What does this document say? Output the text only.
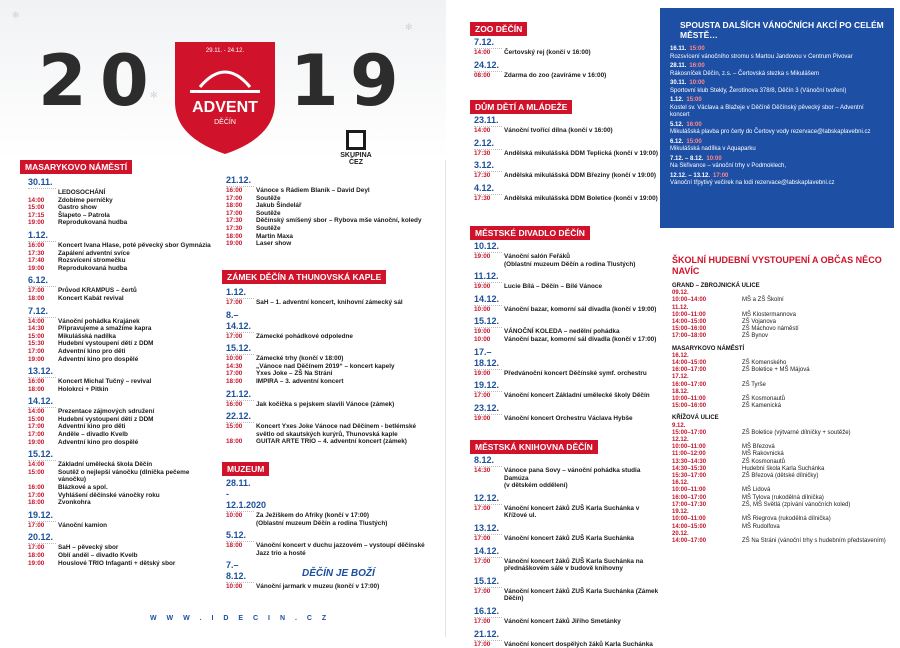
2 0 1 9
29.11. - 24.12.
ADVENT
DĚČÍN
SKUPINA ČEZ
✻
✻
✻
MASARYKOVO NÁMĚSTÍ
30.11.
LEDOSOCHÁNÍ
14:00	Zdobíme perníčky
15:00	Gastro show
17:15	Šlapeto – Patrola
19:00	Reprodukovaná hudba
1.12.
16:00	Koncert Ivana Hlase, poté pěvecký sbor Gymnázia
17:30	Zapálení adventní svíce
17:40	Rozsvícení stromečku
19:00	Reprodukovaná hudba
6.12.
17:00	Průvod KRAMPUS – čertů
18:00	Koncert Kabát revival
7.12.
14:00	Vánoční pohádka Krajánek
14:30	Připravujeme a smažíme kapra
15:00	Mikulášská nadílka
15:30	Hudební vystoupení dětí z DDM
17:00	Adventní kino pro děti
19:00	Adventní kino pro dospělé
13.12.
16:00	Koncert Michal Tučný – revival
18:00	Holokrci + Pitkin
14.12.
14:00	Prezentace zájmových sdružení
15:00	Hudební vystoupení dětí z DDM
17:00	Adventní kino pro děti
17:00	Anděle – divadlo Kvelb
19:00	Adventní kino pro dospělé
15.12.
14:00	Základní umělecká škola Děčín
15:00	Soutěž o nejlepší vánočku (dlnička pečeme vánočku)
16:00	Blázkové a spol.
17:00	Vyhlášení děčínské vánočky roku
18:00	Zvonkohra
19.12.
17:00	Vánoční kamion
20.12.
17:00	SaH – pěvecký sbor
18:00	Oblí anděl – divadlo Kvelb
19:00	Houslové TRIO Infaganti + dětský sbor
21.12.
16:00	Vánoce s Rádiem Blaník – David Deyl
17:00	Soutěže
18:00	Jakub Šindelář
17:00	Soutěže
17:30	Děčínský smíšený sbor – Rybova mše vánoční, koledy
17:30	Soutěže
18:00	Martin Maxa
19:00	Laser show
ZÁMEK DĚČÍN A THUNOVSKÁ KAPLE
1.12.
17:00	SaH – 1. adventní koncert, knihovní zámecký sál
8.–14.12.
17:00	Zámecké pohádkové odpoledne
15.12.
10:00	Zámecké trhy (končí v 18:00)
14:30	„Vánoce nad Děčínem 2019“ – koncert kapely
17:00	Yxes Joke – ZŠ Na Stráni
18:00	IMPIRA – 3. adventní koncert
21.12.
16:00	Jak kočička s pejskem slavili Vánoce (zámek)
22.12.
15:00	Koncert Yxes Joke Vánoce nad Děčínem - betlémské světlo od skautských kurýrů, Thunovská kaple
18:00	GUITAR ARTE TRIO – 4. adventní koncert (zámek)
MUZEUM
28.11. - 12.1.2020
10:00	Za Ježíškem do Afriky (končí v 17:00)
(Oblastní muzeum Děčín a rodina Tlustých)
5.12.
18:00	Vánoční koncert v duchu jazzovém – vystoupí děčínské Jazz trio a hosté
7.–8.12.
10:00	Vánoční jarmark v muzeu (končí v 17:00)
DĚČÍN JE BOŽÍ
W W W . I D E C I N . C Z
ZOO DĚČÍN
7.12.
14:00	Čertovský rej (končí v 16:00)
24.12.
08:00	Zdarma do zoo (zavíráme v 16:00)
DŮM DĚTÍ A MLÁDEŽE
23.11.
14:00	Vánoční tvořící dílna (končí v 16:00)
2.12.
17:30	Andělská mikulášská DDM Teplická (končí v 19:00)
3.12.
17:30	Andělská mikulášská DDM Březiny (končí v 19:00)
4.12.
17:30	Andělská mikulášská DDM Boletice (končí v 19:00)
MĚSTSKÉ DIVADLO DĚČÍN
10.12.
19:00	Vánoční salón Feřáků
(Oblastní muzeum Děčín a rodina Tlustých)
11.12.
19:00	Lucie Bílá – Děčín – Bílé Vánoce
14.12.
10:00	Vánoční bazar, komorní sál divadla (končí v 19:00)
15.12.
19:00	VÁNOČNÍ KOLEDA – nedělní pohádka
10:00	Vánoční bazar, komorní sál divadla (končí v 17:00)
17.–18.12.
19:00	Předvánoční koncert Děčínské symf. orchestru
19.12.
17:00	Vánoční koncert Základní umělecké školy Děčín
23.12.
19:00	Vánoční koncert Orchestru Václava Hybše
MĚSTSKÁ KNIHOVNA DĚČÍN
8.12.
14:30	Vánoce pana Sovy – vánoční pohádka studia Damúza
(v dětském oddělení)
12.12.
17:00	Vánoční koncert žáků ZUŠ Karla Suchánka v Křížové ul.
13.12.
17:00	Vánoční koncert žáků ZUŠ Karla Suchánka
14.12.
17:00	Vánoční koncert žáků ZUŠ Karla Suchánka na přednáškovém sále v budově knihovny
15.12.
17:00	Vánoční koncert žáků ZUŠ Karla Suchánka (Zámek Děčín)
16.12.
17:00	Vánoční koncert žáků Jiřího Smetánky
21.12.
17:00	Vánoční koncert dospělých žáků Karla Suchánka
SPOUSTA DALŠÍCH VÁNOČNÍCH AKCÍ PO CELÉM MĚSTĚ…
16.11. 15:00
Rozsvícení vánočního stromu s Martou Jandovou v Centrum Pivovar
28.11. 16:00
Rákosníček Děčín, z.s. – Čertovská stezka s Mikulášem
30.11. 10:00
Sportovní klub Stekly, Žerotínova 378/8, Děčín 3 (Vánoční tvoření)
1.12. 15:00
Kostel sv. Václava a Blažeje v Děčíně Děčínský pěvecký sbor – Adventní koncert
5.12. 16:00
Mikulášská plavba pro čerty do Čertovy vody rezervace@labskaplavebni.cz
6.12. 15:00
Mikulášská nadílka v Aquaparku
7.12. – 8.12. 10:00
Na Skřivance – vánoční trhy v Podmoklech,
12.12. – 13.12. 17:00
Vánoční třpytivý večírek na lodi rezervace@labskaplavebni.cz
ŠKOLNÍ HUDEBNÍ VYSTOUPENÍ A OBČAS NĚCO NAVÍC
GRAND – ZBROJNICKÁ ULICE
09.12.
10:00–14:00	MŠ a ZŠ Školní
11.12.
10:00–11:00	MŠ Klostermannova
14:00–15:00	ZŠ Vojanova
15:00–16:00	ZŠ Máchovo náměstí
17:00–18:00	ZŠ Bynov
MASARYKOVO NÁMĚSTÍ
16.12.
14:00–15:00	ZŠ Komenského
16:00–17:00	ZŠ Boletice + MŠ Májová
17.12.
16:00–17:00	ZŠ Tyrše
18.12.
10:00–11:00	ZŠ Kosmonautů
15:00–16:00	ZŠ Kamenická
KŘÍŽOVÁ ULICE
9.12.
15:00–17:00	ZŠ Boletice (výtvarné dílničky + soutěže)
12.12.
10:00–11:00	MŠ Březová
11:00–12:00	MŠ Rakovnická
13:30–14:30	ZŠ Kosmonautů
14:30–15:30	Hudební škola Karla Suchánka
15:30–17:00	ZŠ Březová (dětské dílničky)
16.12.
10:00–11:00	MŠ Lidová
16:00–17:00	MŠ Tylova (rukodělná dílnička)
17:00–17:30	ZŠ, MŠ Světlá (zpívání vánočních koled)
19.12.
10:00–11:00	MŠ Riegrova (rukodělná dílnička)
14:00–15:00	MŠ Rudolfova
20.12.
14:00–17:00	ZŠ Na Stráni (vánoční trhy s hudebním představením)
